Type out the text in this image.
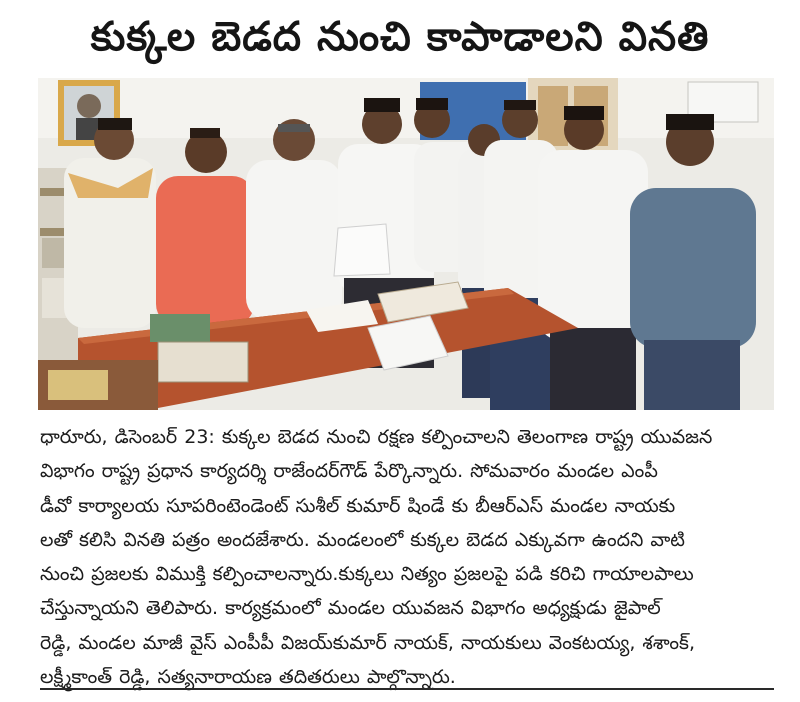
కుక్కల బెడద నుంచి కాపాడాలని వినతి
ధారూరు, డిసెంబర్ 23: కుక్కల బెడద నుంచి రక్షణ కల్పించాలని తెలంగాణ రాష్ట్ర యువజన
విభాగం రాష్ట్ర ప్రధాన కార్యదర్శి రాజేందర్‌గౌడ్ పేర్కొన్నారు. సోమవారం మండల ఎంపీ
డీవో కార్యాలయ సూపరింటెండెంట్ సుశీల్ కుమార్ షిండే కు బీఆర్ఎస్ మండల నాయకు
లతో కలిసి వినతి పత్రం అందజేశారు. మండలంలో కుక్కల బెడద ఎక్కువగా ఉందని వాటి
నుంచి ప్రజలకు విముక్తి కల్పించాలన్నారు.కుక్కలు నిత్యం ప్రజలపై పడి కరిచి గాయాలపాలు
చేస్తున్నాయని తెలిపారు. కార్యక్రమంలో మండల యువజన విభాగం అధ్యక్షుడు జైపాల్
రెడ్డి, మండల మాజీ వైస్ ఎంపీపీ విజయ్‌కుమార్ నాయక్, నాయకులు వెంకటయ్య, శశాంక్,
లక్ష్మీకాంత్ రెడ్డి, సత్యనారాయణ తదితరులు పాల్గొన్నారు.
